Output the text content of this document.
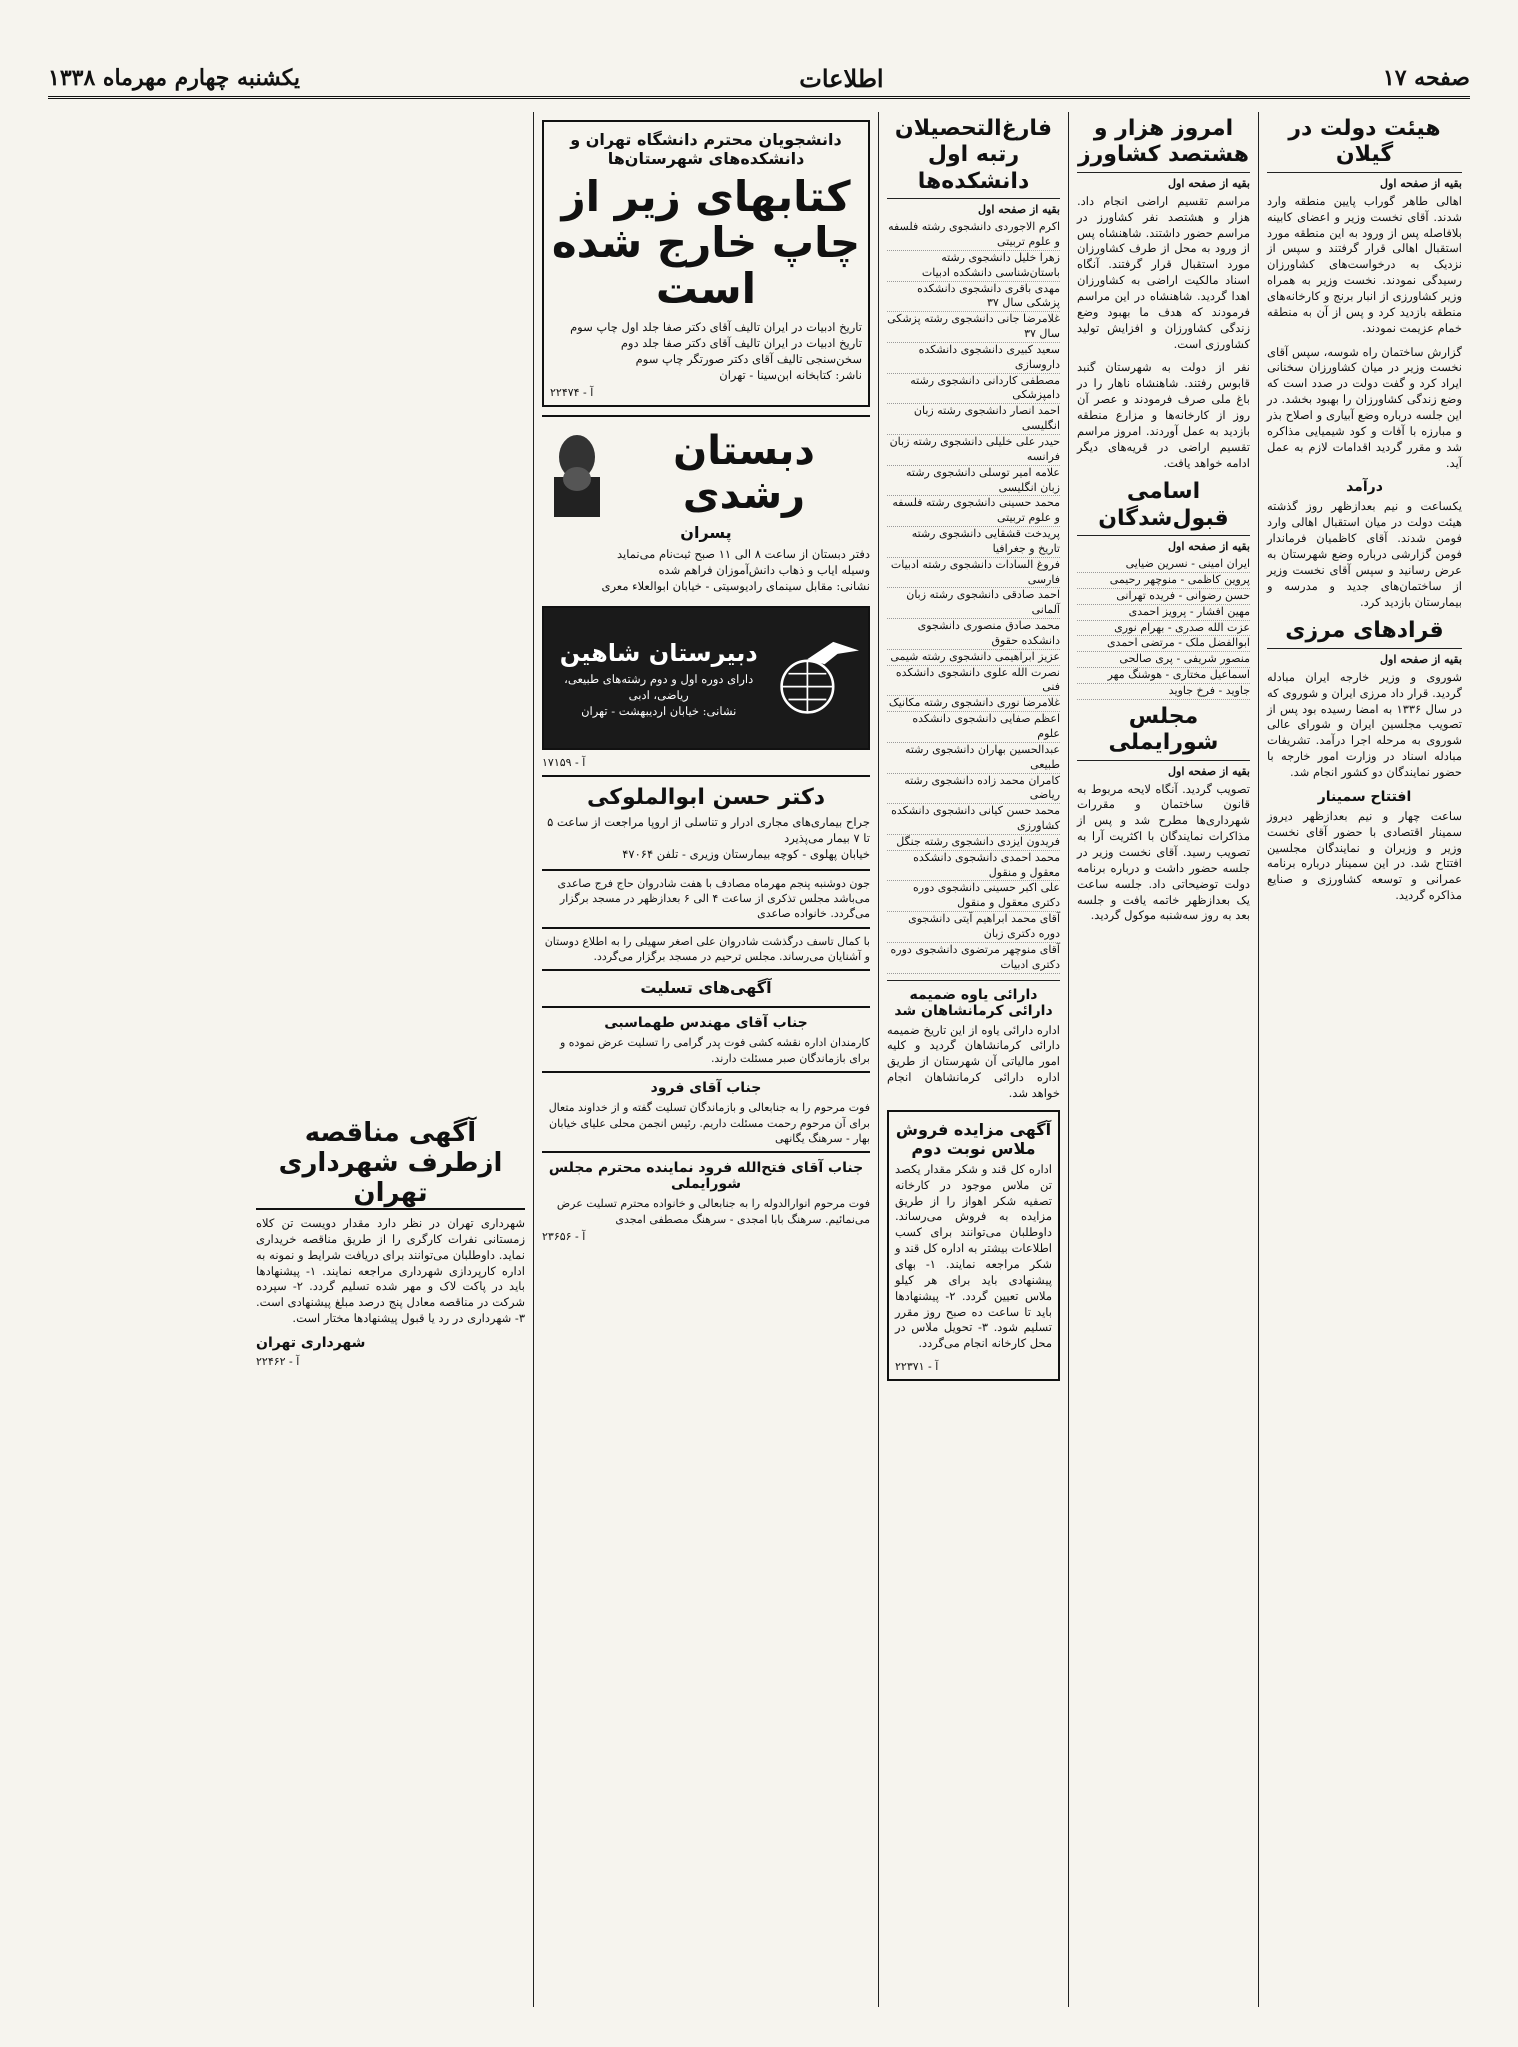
صفحه ۱۷
اطلاعات
یکشنبه چهارم مهرماه ۱۳۳۸
هیئت دولت در گیلان
بقیه از صفحه اول

اهالی طاهر گوراب پایین منطقه وارد شدند. آقای نخست وزیر و اعضای کابینه بلافاصله پس از ورود به این منطقه مورد استقبال اهالی قرار گرفتند و سپس از نزدیک به درخواست‌های کشاورزان رسیدگی نمودند. نخست وزیر به همراه وزیر کشاورزی از انبار برنج و کارخانه‌های منطقه بازدید کرد و پس از آن به منطقه خمام عزیمت نمودند.

گزارش ساختمان راه شوسه، سپس آقای نخست وزیر در میان کشاورزان سخنانی ایراد کرد و گفت دولت در صدد است که وضع زندگی کشاورزان را بهبود بخشد. در این جلسه درباره وضع آبیاری و اصلاح بذر و مبارزه با آفات و کود شیمیایی مذاکره شد و مقرر گردید اقدامات لازم به عمل آید.

درآمد

یکساعت و نیم بعدازظهر روز گذشته هیئت دولت در میان استقبال اهالی وارد فومن شدند. آقای کاظمیان فرماندار فومن گزارشی درباره وضع شهرستان به عرض رسانید و سپس آقای نخست وزیر از ساختمان‌های جدید و مدرسه و بیمارستان بازدید کرد.

قرادهای مرزی
بقیه از صفحه اول

شوروی و وزیر خارجه ایران مبادله گردید. قرار داد مرزی ایران و شوروی که در سال ۱۳۳۶ به امضا رسیده بود پس از تصویب مجلسین ایران و شورای عالی شوروی به مرحله اجرا درآمد. تشریفات مبادله اسناد در وزارت امور خارجه با حضور نمایندگان دو کشور انجام شد.

افتتاح سمینار

ساعت چهار و نیم بعدازظهر دیروز سمینار اقتصادی با حضور آقای نخست وزیر و وزیران و نمایندگان مجلسین افتتاح شد. در این سمینار درباره برنامه عمرانی و توسعه کشاورزی و صنایع مذاکره گردید.

امروز هزار و هشتصد کشاورز
بقیه از صفحه اول

مراسم تقسیم اراضی انجام داد. هزار و هشتصد نفر کشاورز در مراسم حضور داشتند. شاهنشاه پس از ورود به محل از طرف کشاورزان مورد استقبال قرار گرفتند. آنگاه اسناد مالکیت اراضی به کشاورزان اهدا گردید. شاهنشاه در این مراسم فرمودند که هدف ما بهبود وضع زندگی کشاورزان و افزایش تولید کشاورزی است.

نفر از دولت به شهرستان گنبد قابوس رفتند. شاهنشاه ناهار را در باغ ملی صرف فرمودند و عصر آن روز از کارخانه‌ها و مزارع منطقه بازدید به عمل آوردند. امروز مراسم تقسیم اراضی در قریه‌های دیگر ادامه خواهد یافت.

اسامی قبول‌شدگان
بقیه از صفحه اول
ایران امینی - نسرین ضیایی
پروین کاظمی - منوچهر رحیمی
حسن رضوانی - فریده تهرانی
مهین افشار - پرویز احمدی
عزت الله صدری - بهرام نوری
ابوالفضل ملک - مرتضی احمدی
منصور شریفی - پری صالحی
اسماعیل مختاری - هوشنگ مهر
جاوید - فرخ جاوید
مجلس شورایملی
بقیه از صفحه اول

تصویب گردید. آنگاه لایحه مربوط به قانون ساختمان و مقررات شهرداری‌ها مطرح شد و پس از مذاکرات نمایندگان با اکثریت آرا به تصویب رسید. آقای نخست وزیر در جلسه حضور داشت و درباره برنامه دولت توضیحاتی داد. جلسه ساعت یک بعدازظهر خاتمه یافت و جلسه بعد به روز سه‌شنبه موکول گردید.

فارغ‌التحصیلان رتبه اول دانشکده‌ها
بقیه از صفحه اول
اکرم الاجوردی دانشجوی رشته فلسفه و علوم تربیتی
زهرا خلیل دانشجوی رشته باستان‌شناسی دانشکده ادبیات
مهدی باقری دانشجوی دانشکده پزشکی سال ۳۷
غلامرضا جانی دانشجوی رشته پزشکی سال ۳۷
سعید کبیری دانشجوی دانشکده داروسازی
مصطفی کاردانی دانشجوی رشته دامپزشکی
احمد انصار دانشجوی رشته زبان انگلیسی
حیدر علی خلیلی دانشجوی رشته زبان فرانسه
علامه امیر توسلی دانشجوی رشته زبان انگلیسی
محمد حسینی دانشجوی رشته فلسفه و علوم تربیتی
پریدخت قشقایی دانشجوی رشته تاریخ و جغرافیا
فروغ السادات دانشجوی رشته ادبیات فارسی
احمد صادقی دانشجوی رشته زبان آلمانی
محمد صادق منصوری دانشجوی دانشکده حقوق
عزیز ابراهیمی دانشجوی رشته شیمی
نصرت الله علوی دانشجوی دانشکده فنی
غلامرضا نوری دانشجوی رشته مکانیک
اعظم صفایی دانشجوی دانشکده علوم
عبدالحسین بهاران دانشجوی رشته طبیعی
کامران محمد زاده دانشجوی رشته ریاضی
محمد حسن کیانی دانشجوی دانشکده کشاورزی
فریدون ایزدی دانشجوی رشته جنگل
محمد احمدی دانشجوی دانشکده معقول و منقول
علی اکبر حسینی دانشجوی دوره دکتری معقول و منقول
آقای محمد ابراهیم آیتی دانشجوی دوره دکتری زبان
آقای منوچهر مرتضوی دانشجوی دوره دکتری ادبیات
دارائی یاوه ضمیمه دارائی کرمانشاهان شد

اداره دارائی یاوه از این تاریخ ضمیمه دارائی کرمانشاهان گردید و کلیه امور مالیاتی آن شهرستان از طریق اداره دارائی کرمانشاهان انجام خواهد شد.

آگهی مزایده فروش ملاس نوبت دوم

اداره کل قند و شکر مقدار یکصد تن ملاس موجود در کارخانه تصفیه شکر اهواز را از طریق مزایده به فروش می‌رساند. داوطلبان می‌توانند برای کسب اطلاعات بیشتر به اداره کل قند و شکر مراجعه نمایند. ۱- بهای پیشنهادی باید برای هر کیلو ملاس تعیین گردد. ۲- پیشنهادها باید تا ساعت ده صبح روز مقرر تسلیم شود. ۳- تحویل ملاس در محل کارخانه انجام می‌گردد.

آ - ۲۲۳۷۱
دانشجویان محترم دانشگاه تهران و دانشکده‌های شهرستان‌ها
کتابهای زیر از چاپ خارج شده است

تاریخ ادبیات در ایران تالیف آقای دکتر صفا جلد اول چاپ سوم

تاریخ ادبیات در ایران تالیف آقای دکتر صفا جلد دوم

سخن‌سنجی تالیف آقای دکتر صورتگر چاپ سوم

ناشر: کتابخانه ابن‌سینا - تهران

آ - ۲۲۴۷۴
دبستان رشدی
پسران

دفتر دبستان از ساعت ۸ الی ۱۱ صبح ثبت‌نام می‌نماید

وسیله ایاب و ذهاب دانش‌آموزان فراهم شده

نشانی: مقابل سینمای رادیوسیتی - خیابان ابوالعلاء معری

دبیرستان شاهین

دارای دوره اول و دوم رشته‌های طبیعی، ریاضی، ادبی

نشانی: خیابان اردیبهشت - تهران

آ - ۱۷۱۵۹
دکتر حسن ابوالملوکی

جراح بیماری‌های مجاری ادرار و تناسلی از اروپا مراجعت از ساعت ۵ تا ۷ بیمار می‌پذیرد

خیابان پهلوی - کوچه بیمارستان وزیری - تلفن ۴۷۰۶۴

جون دوشنبه پنجم مهرماه مصادف با هفت شادروان حاج فرج صاعدی می‌باشد مجلس تذکری از ساعت ۴ الی ۶ بعدازظهر در مسجد برگزار می‌گردد. خانواده صاعدی

با کمال تاسف درگذشت شادروان علی اصغر سهیلی را به اطلاع دوستان و آشنایان می‌رساند. مجلس ترحیم در مسجد برگزار می‌گردد.

آگهی‌های تسلیت
جناب آقای مهندس طهماسبی

کارمندان اداره نقشه کشی فوت پدر گرامی را تسلیت عرض نموده و برای بازماندگان صبر مسئلت دارند.

جناب آقای فرود

فوت مرحوم را به جنابعالی و بازماندگان تسلیت گفته و از خداوند متعال برای آن مرحوم رحمت مسئلت داریم. رئیس انجمن محلی علیای خیابان بهار - سرهنگ یگانهی

جناب آقای فتح‌الله فرود نماینده محترم مجلس شورایملی

فوت مرحوم انوارالدوله را به جنابعالی و خانواده محترم تسلیت عرض می‌نمائیم. سرهنگ بابا امجدی - سرهنگ مصطفی امجدی

آ - ۲۳۶۵۶
آگهی مناقصه ازطرف شهرداری تهران

شهرداری تهران در نظر دارد مقدار دویست تن کلاه زمستانی نفرات کارگری را از طریق مناقصه خریداری نماید. داوطلبان می‌توانند برای دریافت شرایط و نمونه به اداره کارپردازی شهرداری مراجعه نمایند. ۱- پیشنهادها باید در پاکت لاک و مهر شده تسلیم گردد. ۲- سپرده شرکت در مناقصه معادل پنج درصد مبلغ پیشنهادی است. ۳- شهرداری در رد یا قبول پیشنهادها مختار است.

شهرداری تهران
آ - ۲۲۴۶۲
